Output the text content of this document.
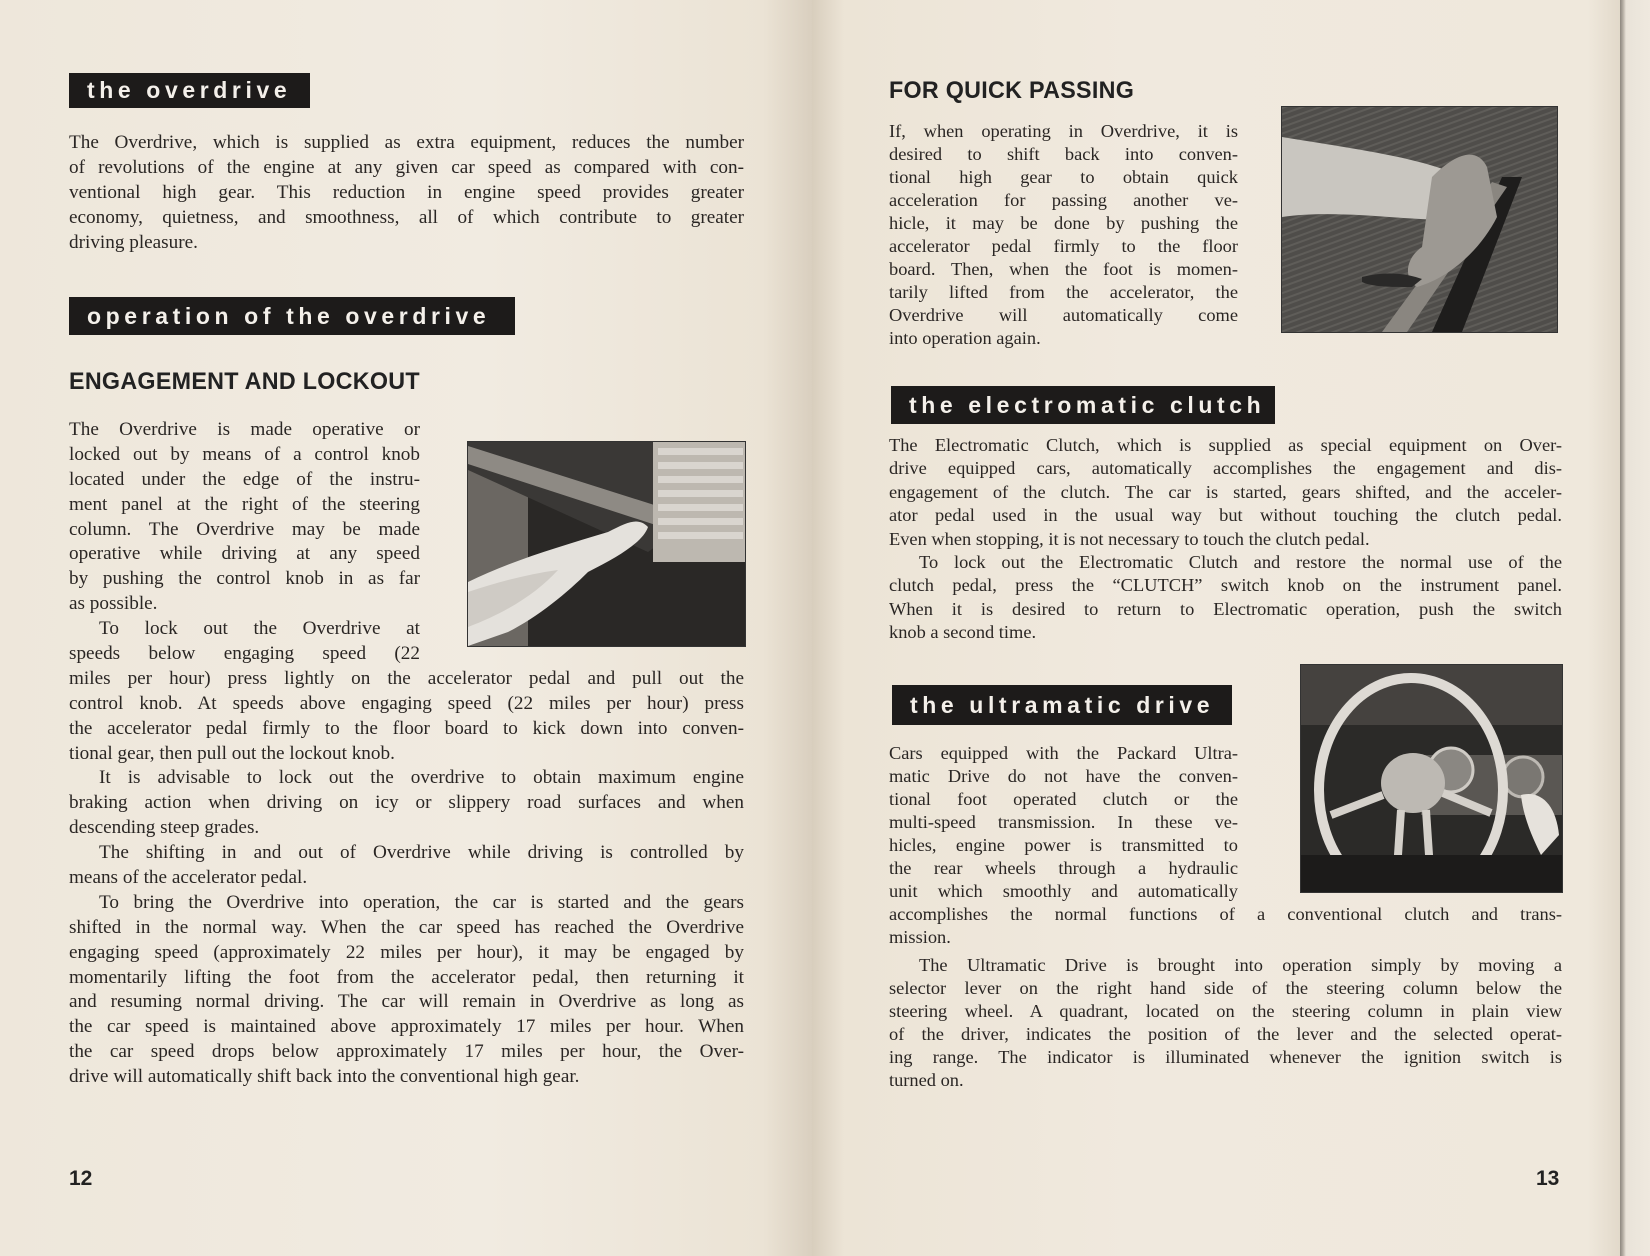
the overdrive
The Overdrive, which is supplied as extra equipment, reduces the number
of revolutions of the engine at any given car speed as compared with con-
ventional high gear. This reduction in engine speed provides greater
economy, quietness, and smoothness, all of which contribute to greater
driving pleasure.
operation of the overdrive
ENGAGEMENT AND LOCKOUT
The Overdrive is made operative or
locked out by means of a control knob
located under the edge of the instru-
ment panel at the right of the steering
column. The Overdrive may be made
operative while driving at any speed
by pushing the control knob in as far
as possible.
To lock out the Overdrive at
speeds below engaging speed (22
miles per hour) press lightly on the accelerator pedal and pull out the
control knob. At speeds above engaging speed (22 miles per hour) press
the accelerator pedal firmly to the floor board to kick down into conven-
tional gear, then pull out the lockout knob.
It is advisable to lock out the overdrive to obtain maximum engine
braking action when driving on icy or slippery road surfaces and when
descending steep grades.
The shifting in and out of Overdrive while driving is controlled by
means of the accelerator pedal.
To bring the Overdrive into operation, the car is started and the gears
shifted in the normal way. When the car speed has reached the Overdrive
engaging speed (approximately 22 miles per hour), it may be engaged by
momentarily lifting the foot from the accelerator pedal, then returning it
and resuming normal driving. The car will remain in Overdrive as long as
the car speed is maintained above approximately 17 miles per hour. When
the car speed drops below approximately 17 miles per hour, the Over-
drive will automatically shift back into the conventional high gear.
12
FOR QUICK PASSING
If, when operating in Overdrive, it is
desired to shift back into conven-
tional high gear to obtain quick
acceleration for passing another ve-
hicle, it may be done by pushing the
accelerator pedal firmly to the floor
board. Then, when the foot is momen-
tarily lifted from the accelerator, the
Overdrive will automatically come
into operation again.
the electromatic clutch
The Electromatic Clutch, which is supplied as special equipment on Over-
drive equipped cars, automatically accomplishes the engagement and dis-
engagement of the clutch. The car is started, gears shifted, and the acceler-
ator pedal used in the usual way but without touching the clutch pedal.
Even when stopping, it is not necessary to touch the clutch pedal.
To lock out the Electromatic Clutch and restore the normal use of the
clutch pedal, press the “CLUTCH” switch knob on the instrument panel.
When it is desired to return to Electromatic operation, push the switch
knob a second time.
the ultramatic drive
Cars equipped with the Packard Ultra-
matic Drive do not have the conven-
tional foot operated clutch or the
multi-speed transmission. In these ve-
hicles, engine power is transmitted to
the rear wheels through a hydraulic
unit which smoothly and automatically
accomplishes the normal functions of a conventional clutch and trans-
mission.
The Ultramatic Drive is brought into operation simply by moving a
selector lever on the right hand side of the steering column below the
steering wheel. A quadrant, located on the steering column in plain view
of the driver, indicates the position of the lever and the selected operat-
ing range. The indicator is illuminated whenever the ignition switch is
turned on.
13
